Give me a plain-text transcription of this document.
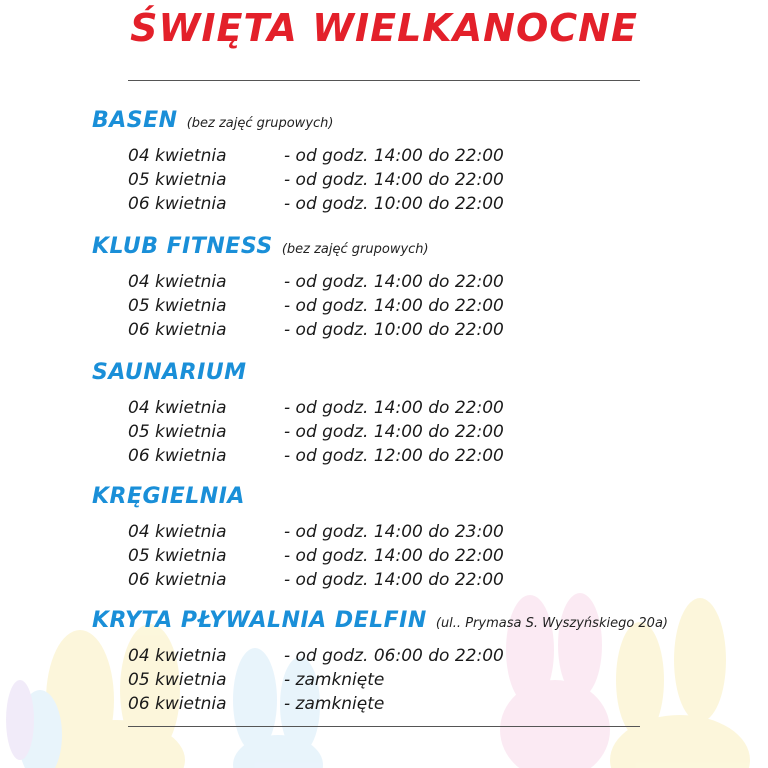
ŚWIĘTA WIELKANOCNE
BASEN (bez zajęć grupowych)
04 kwietnia	- od godz. 14:00 do 22:00
05 kwietnia	- od godz. 14:00 do 22:00
06 kwietnia	- od godz. 10:00 do 22:00
KLUB FITNESS (bez zajęć grupowych)
04 kwietnia	- od godz. 14:00 do 22:00
05 kwietnia	- od godz. 14:00 do 22:00
06 kwietnia	- od godz. 10:00 do 22:00
SAUNARIUM
04 kwietnia	- od godz. 14:00 do 22:00
05 kwietnia	- od godz. 14:00 do 22:00
06 kwietnia	- od godz. 12:00 do 22:00
KRĘGIELNIA
04 kwietnia	- od godz. 14:00 do 23:00
05 kwietnia	- od godz. 14:00 do 22:00
06 kwietnia	- od godz. 14:00 do 22:00
KRYTA PŁYWALNIA DELFIN (ul.. Prymasa S. Wyszyńskiego 20a)
04 kwietnia	- od godz. 06:00 do 22:00
05 kwietnia	- zamknięte
06 kwietnia	- zamknięte
